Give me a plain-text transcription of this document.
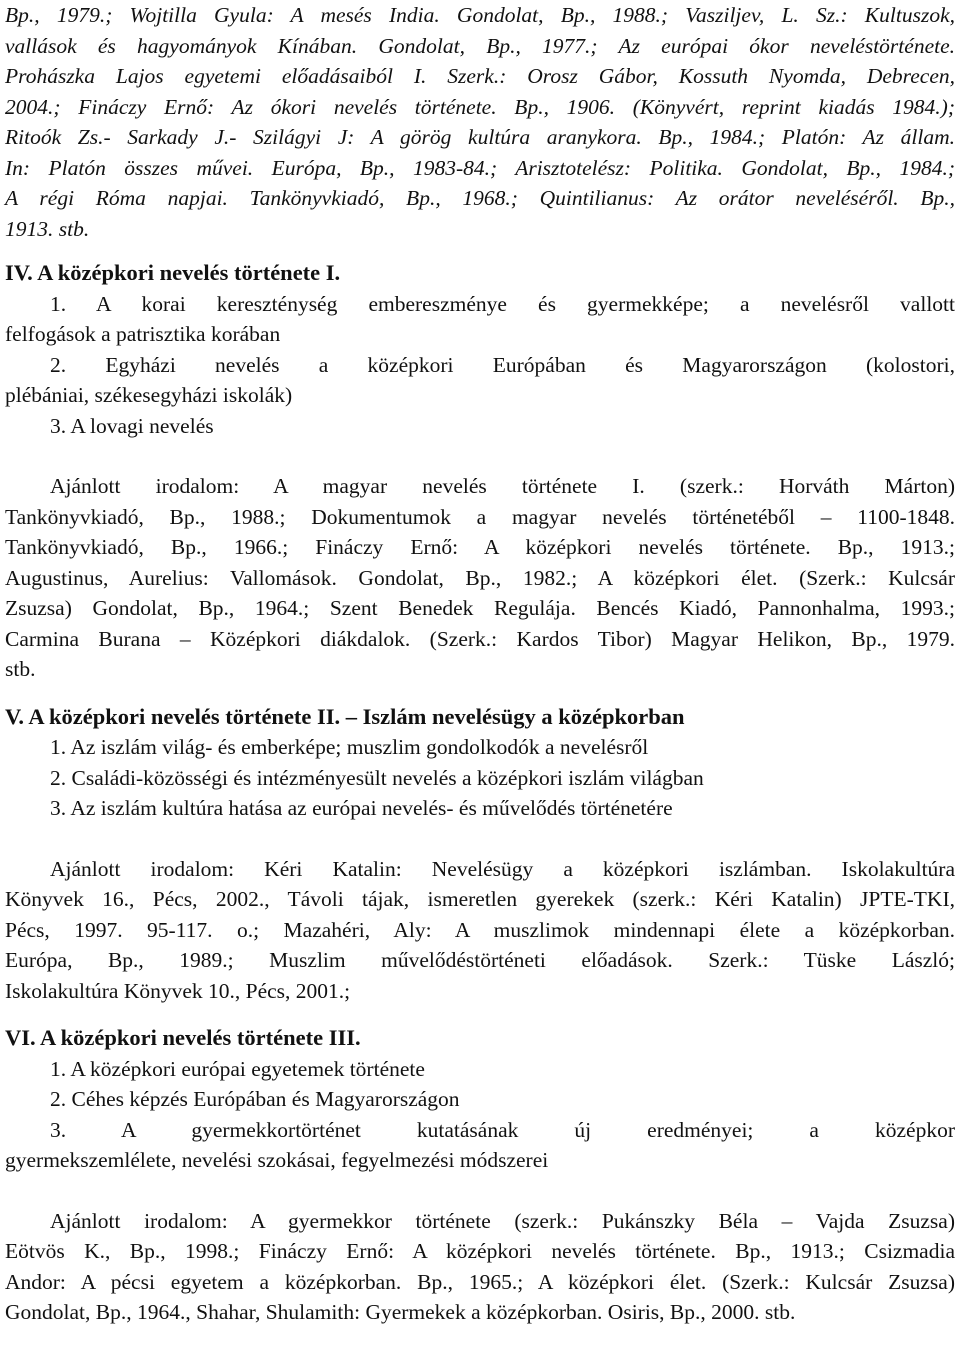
Bp., 1979.; Wojtilla Gyula: A mesés India. Gondolat, Bp., 1988.; Vasziljev, L. Sz.: Kultuszok,
vallások és hagyományok Kínában. Gondolat, Bp., 1977.; Az európai ókor neveléstörténete.
Prohászka Lajos egyetemi előadásaiból I. Szerk.: Orosz Gábor, Kossuth Nyomda, Debrecen,
2004.; Fináczy Ernő: Az ókori nevelés története. Bp., 1906. (Könyvért, reprint kiadás 1984.);
Ritoók Zs.- Sarkady J.- Szilágyi J: A görög kultúra aranykora. Bp., 1984.; Platón: Az állam.
In: Platón összes művei. Európa, Bp., 1983-84.; Arisztotelész: Politika. Gondolat, Bp., 1984.;
A régi Róma napjai. Tankönyvkiadó, Bp., 1968.; Quintilianus: Az orátor neveléséről. Bp.,
1913. stb.
IV. A középkori nevelés története I.
1. A korai kereszténység embereszménye és gyermekképe; a nevelésről vallott
felfogások a patrisztika korában
2. Egyházi nevelés a középkori Európában és Magyarországon (kolostori,
plébániai, székesegyházi iskolák)
3. A lovagi nevelés
Ajánlott irodalom: A magyar nevelés története I. (szerk.: Horváth Márton)
Tankönyvkiadó, Bp., 1988.; Dokumentumok a magyar nevelés történetéből – 1100-1848.
Tankönyvkiadó, Bp., 1966.; Fináczy Ernő: A középkori nevelés története. Bp., 1913.;
Augustinus, Aurelius: Vallomások. Gondolat, Bp., 1982.; A középkori élet. (Szerk.: Kulcsár
Zsuzsa) Gondolat, Bp., 1964.; Szent Benedek Regulája. Bencés Kiadó, Pannonhalma, 1993.;
Carmina Burana – Középkori diákdalok. (Szerk.: Kardos Tibor) Magyar Helikon, Bp., 1979.
stb.
V. A középkori nevelés története II. – Iszlám nevelésügy a középkorban
1. Az iszlám világ- és emberképe; muszlim gondolkodók a nevelésről
2. Családi-közösségi és intézményesült nevelés a középkori iszlám világban
3. Az iszlám kultúra hatása az európai nevelés- és művelődés történetére
Ajánlott irodalom: Kéri Katalin: Nevelésügy a középkori iszlámban. Iskolakultúra
Könyvek 16., Pécs, 2002., Távoli tájak, ismeretlen gyerekek (szerk.: Kéri Katalin) JPTE-TKI,
Pécs, 1997. 95-117. o.; Mazahéri, Aly: A muszlimok mindennapi élete a középkorban.
Európa, Bp., 1989.; Muszlim művelődéstörténeti előadások. Szerk.: Tüske László;
Iskolakultúra Könyvek 10., Pécs, 2001.;
VI. A középkori nevelés története III.
1. A középkori európai egyetemek története
2. Céhes képzés Európában és Magyarországon
3. A gyermekkortörténet kutatásának új eredményei; a középkor
gyermekszemlélete, nevelési szokásai, fegyelmezési módszerei
Ajánlott irodalom: A gyermekkor története (szerk.: Pukánszky Béla – Vajda Zsuzsa)
Eötvös K., Bp., 1998.; Fináczy Ernő: A középkori nevelés története. Bp., 1913.; Csizmadia
Andor: A pécsi egyetem a középkorban. Bp., 1965.; A középkori élet. (Szerk.: Kulcsár Zsuzsa)
Gondolat, Bp., 1964., Shahar, Shulamith: Gyermekek a középkorban. Osiris, Bp., 2000. stb.
